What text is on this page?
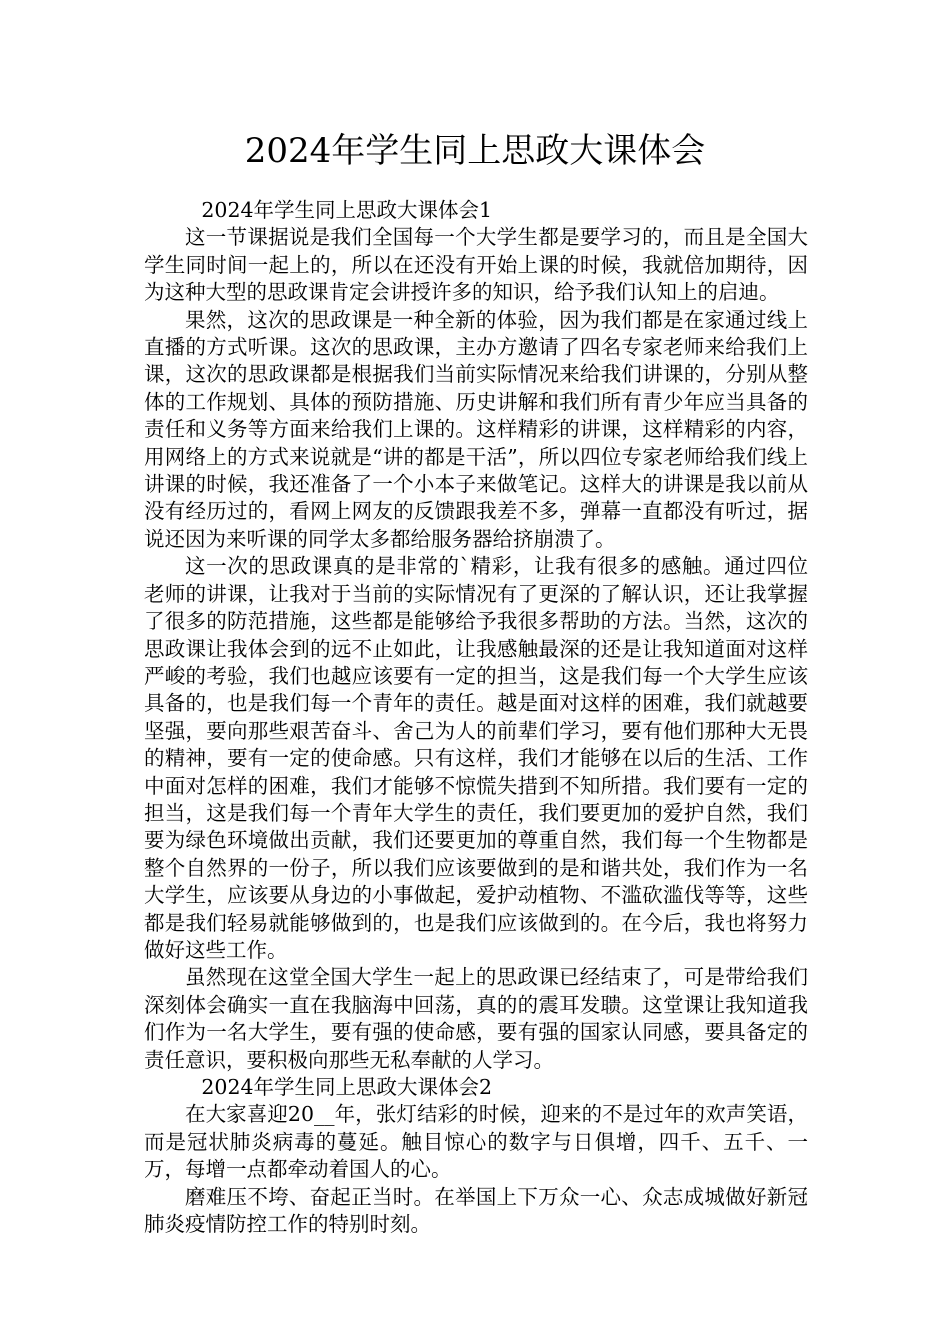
2024年学生同上思政大课体会

2024年学生同上思政大课体会1

这一节课据说是我们全国每一个大学生都是要学习的，而且是全国大学生同时间一起上的，所以在还没有开始上课的时候，我就倍加期待，因为这种大型的思政课肯定会讲授许多的知识，给予我们认知上的启迪。

果然，这次的思政课是一种全新的体验，因为我们都是在家通过线上直播的方式听课。这次的思政课，主办方邀请了四名专家老师来给我们上课，这次的思政课都是根据我们当前实际情况来给我们讲课的，分别从整体的工作规划、具体的预防措施、历史讲解和我们所有青少年应当具备的责任和义务等方面来给我们上课的。这样精彩的讲课，这样精彩的内容，用网络上的方式来说就是“讲的都是干活”，所以四位专家老师给我们线上讲课的时候，我还准备了一个小本子来做笔记。这样大的讲课是我以前从没有经历过的，看网上网友的反馈跟我差不多，弹幕一直都没有听过，据说还因为来听课的同学太多都给服务器给挤崩溃了。

这一次的思政课真的是非常的`精彩，让我有很多的感触。通过四位老师的讲课，让我对于当前的实际情况有了更深的了解认识，还让我掌握了很多的防范措施，这些都是能够给予我很多帮助的方法。当然，这次的思政课让我体会到的远不止如此，让我感触最深的还是让我知道面对这样严峻的考验，我们也越应该要有一定的担当，这是我们每一个大学生应该具备的，也是我们每一个青年的责任。越是面对这样的困难，我们就越要坚强，要向那些艰苦奋斗、舍己为人的前辈们学习，要有他们那种大无畏的精神，要有一定的使命感。只有这样，我们才能够在以后的生活、工作中面对怎样的困难，我们才能够不惊慌失措到不知所措。我们要有一定的担当，这是我们每一个青年大学生的责任，我们要更加的爱护自然，我们要为绿色环境做出贡献，我们还要更加的尊重自然，我们每一个生物都是整个自然界的一份子，所以我们应该要做到的是和谐共处，我们作为一名大学生，应该要从身边的小事做起，爱护动植物、不滥砍滥伐等等，这些都是我们轻易就能够做到的，也是我们应该做到的。在今后，我也将努力做好这些工作。

虽然现在这堂全国大学生一起上的思政课已经结束了，可是带给我们深刻体会确实一直在我脑海中回荡，真的的震耳发聩。这堂课让我知道我们作为一名大学生，要有强的使命感，要有强的国家认同感，要具备定的责任意识，要积极向那些无私奉献的人学习。

2024年学生同上思政大课体会2

在大家喜迎20__年，张灯结彩的时候，迎来的不是过年的欢声笑语，而是冠状肺炎病毒的蔓延。触目惊心的数字与日俱增，四千、五千、一万，每增一点都牵动着国人的心。

磨难压不垮、奋起正当时。在举国上下万众一心、众志成城做好新冠肺炎疫情防控工作的特别时刻。
